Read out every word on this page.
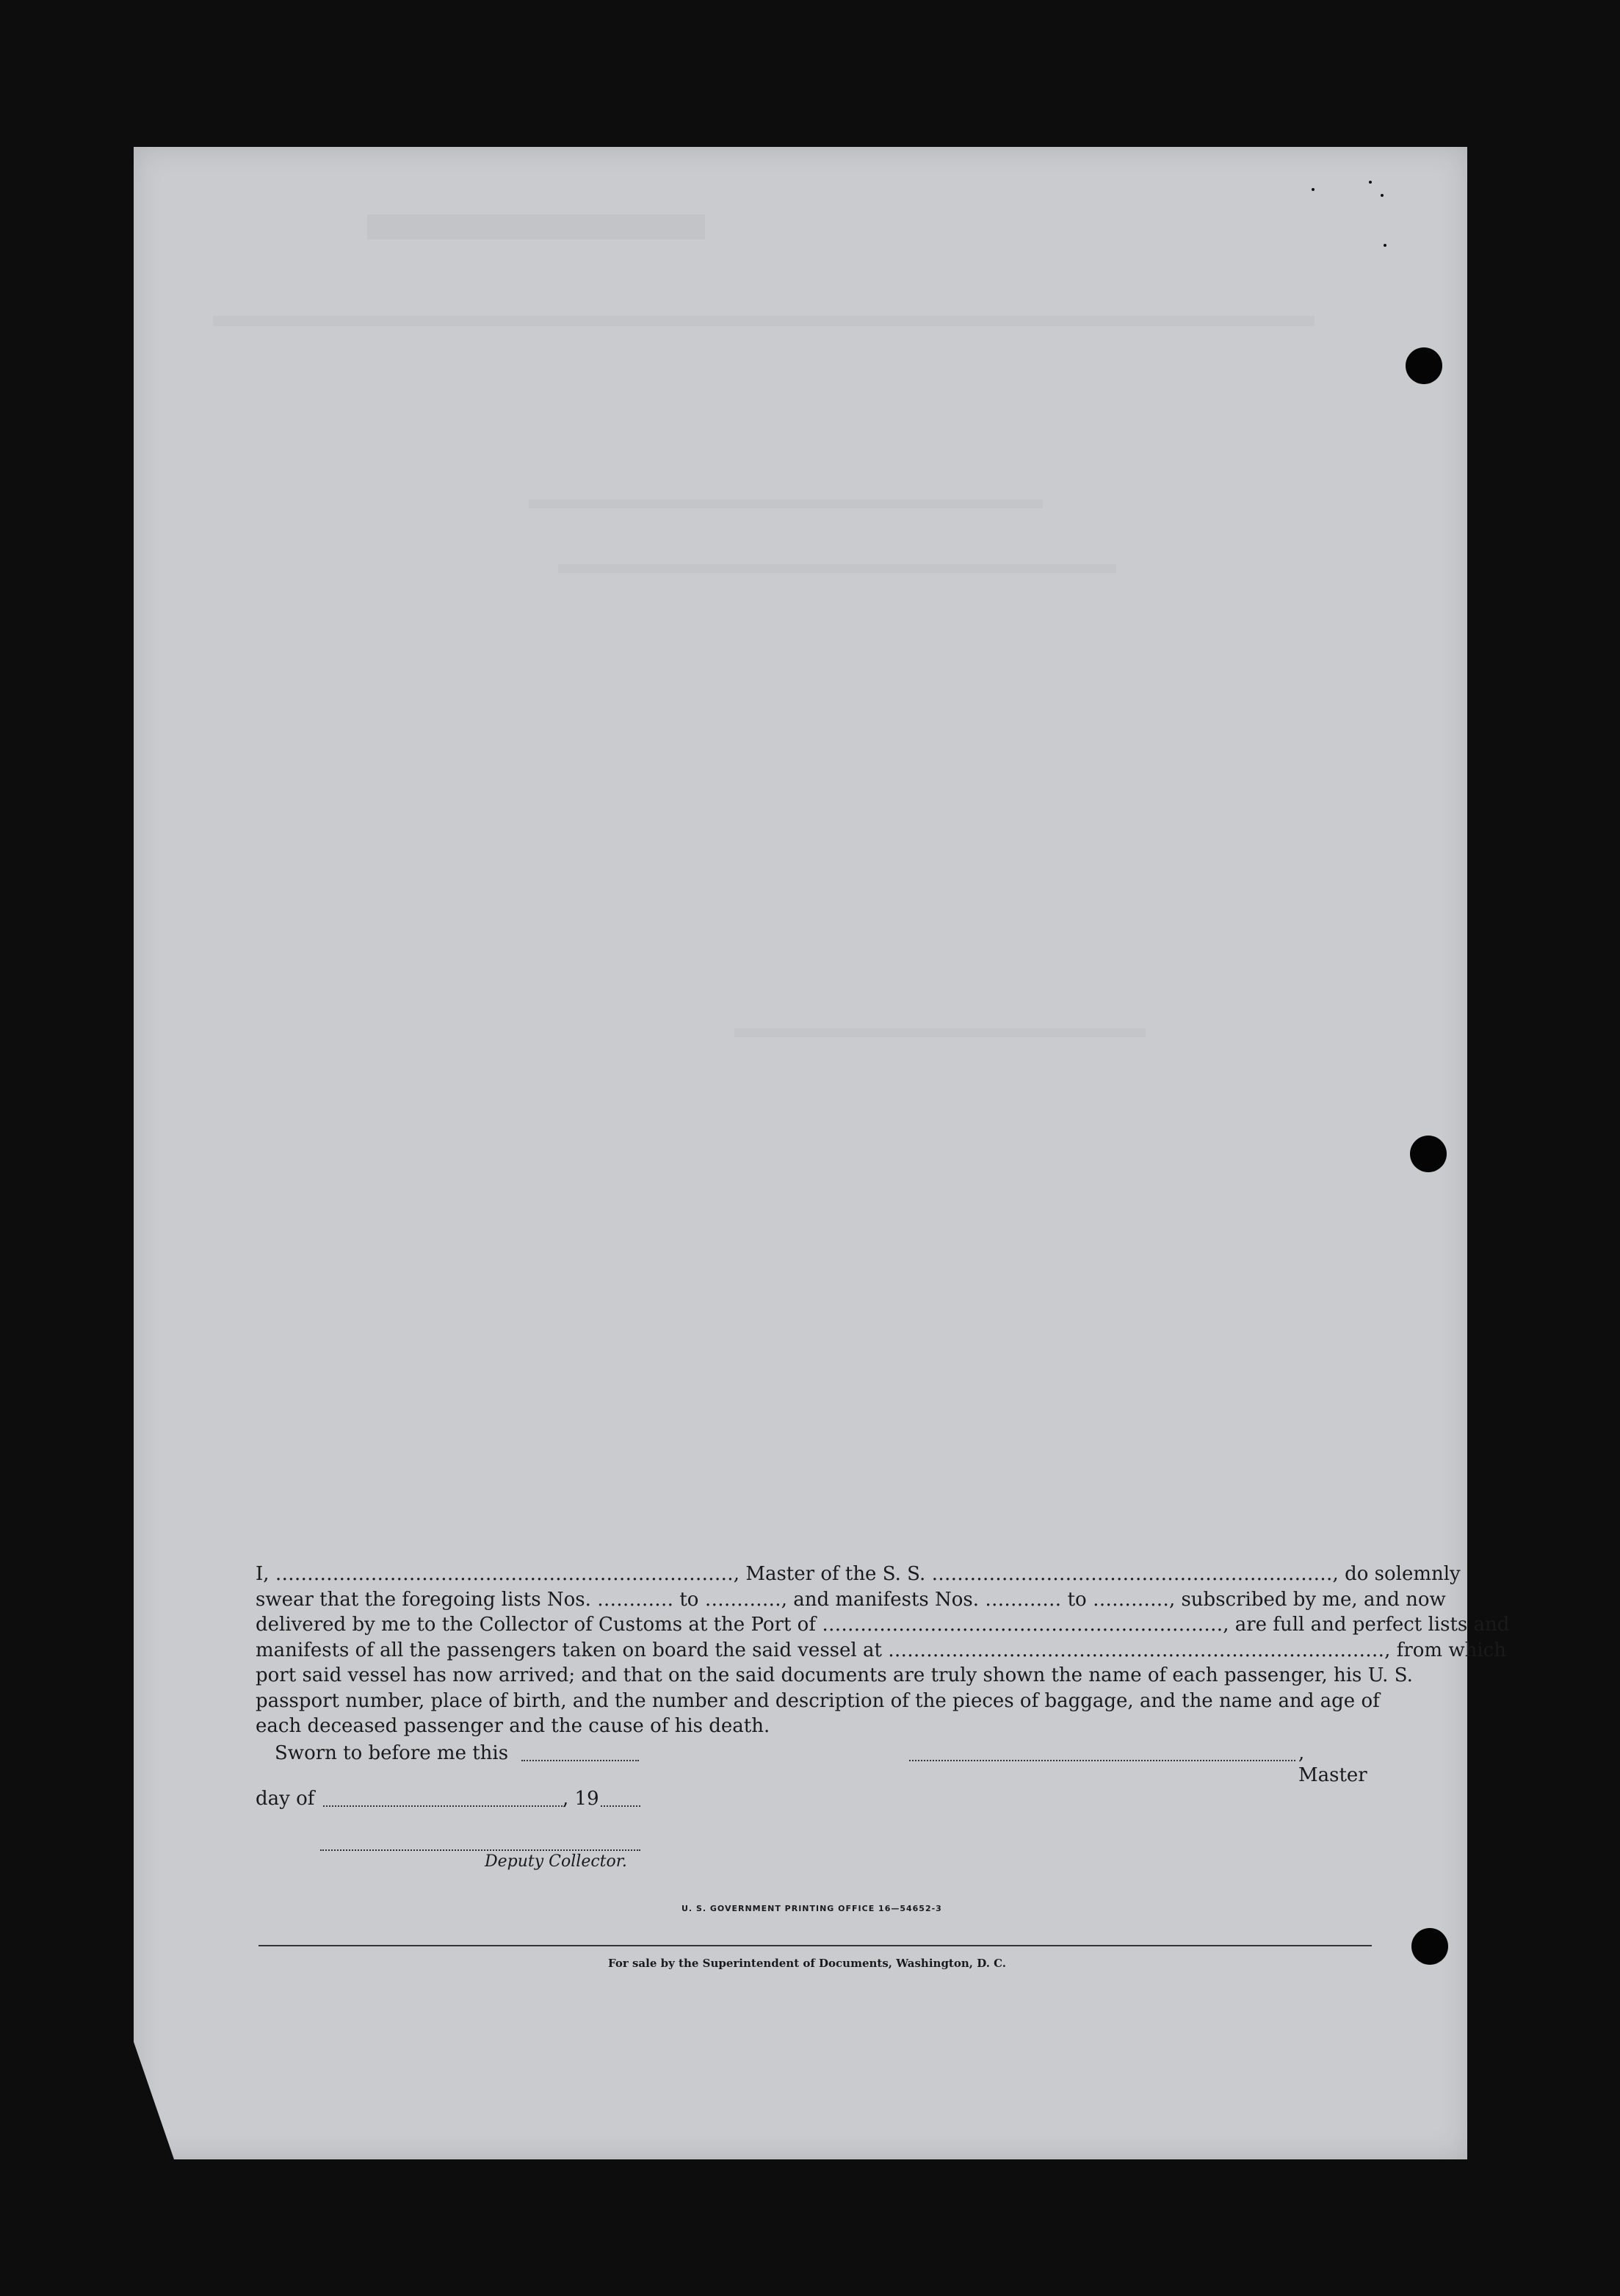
I, ………………………………………………………………, Master of the S. S. ………………………………………………………, do solemnly
swear that the foregoing lists Nos. ………… to …………, and manifests Nos. ………… to …………, subscribed by me, and now
delivered by me to the Collector of Customs at the Port of ………………………………………………………, are full and perfect lists and
manifests of all the passengers taken on board the said vessel at ……………………………………………………………………, from which
port said vessel has now arrived; and that on the said documents are truly shown the name of each passenger, his U. S.
passport number, place of birth, and the number and description of the pieces of baggage, and the name and age of
each deceased passenger and the cause of his death.
Sworn to before me this	, Master
day of	, 19
Deputy Collector.
U. S. GOVERNMENT PRINTING OFFICE 16—54652-3
For sale by the Superintendent of Documents, Washington, D. C.
